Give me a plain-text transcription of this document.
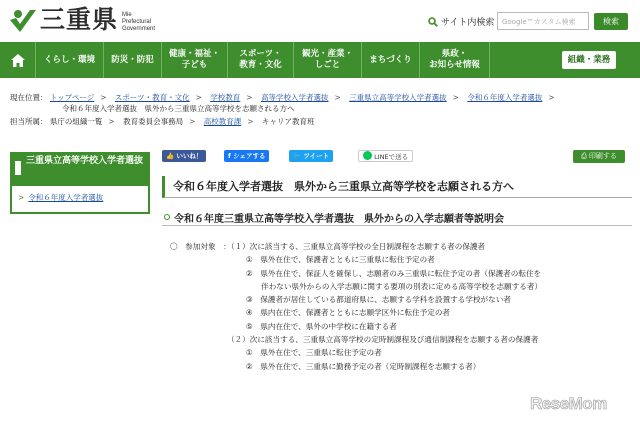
三重県 Mie
Prefectural
Government
サイト内検索	Google™カスタム検索	検索
くらし・環境 防災・防犯
健康・福祉・
子ども
スポーツ・
教育・文化
観光・産業・
しごと
まちづくり
県政・
お知らせ情報	組織・業務
現在位置： トップページ > スポーツ・教育・文化 > 学校教育 > 高等学校入学者選抜 > 三重県立高等学校入学者選抜 > 令和６年度入学者選抜 >
令和６年度入学者選抜　県外から三重県立高等学校を志願される方へ
担当所属： 県庁の組織一覧 > 教育委員会事務局 > 高校教育課 > キャリア教育班
三重県立高等学校入学者選抜
> 令和６年度入学者選抜
👍 いいね！	f シェアする	🐦 ツイート	LINEで送る	⎙ 印刷する
令和６年度入学者選抜　県外から三重県立高等学校を志願される方へ
令和６年度三重県立高等学校入学者選抜　県外からの入学志願者等説明会
〇　参加対象　：（１）次に該当する、三重県立高等学校の全日制課程を志願する者の保護者
　　　　　　　　　　①　県外在住で、保護者とともに三重県に転住予定の者
　　　　　　　　　　②　県外在住で、保証人を確保し、志願者のみ三重県に転住予定の者（保護者の転住を
　　　　　　　　　　　　伴わない県外からの入学志願に関する要項の別表に定める高等学校を志願する者）
　　　　　　　　　　③　保護者が居住している都道府県に、志願する学科を設置する学校がない者
　　　　　　　　　　④　県内在住で、保護者とともに志願学区外に転住予定の者
　　　　　　　　　　⑤　県内在住で、県外の中学校に在籍する者
　　　　　　　　（２）次に該当する、三重県立高等学校の定時制課程及び通信制課程を志願する者の保護者
　　　　　　　　　　①　県外在住で、三重県に転住予定の者
　　　　　　　　　　②　県外在住で、三重県に勤務予定の者（定時制課程を志願する者）
ReseMom
